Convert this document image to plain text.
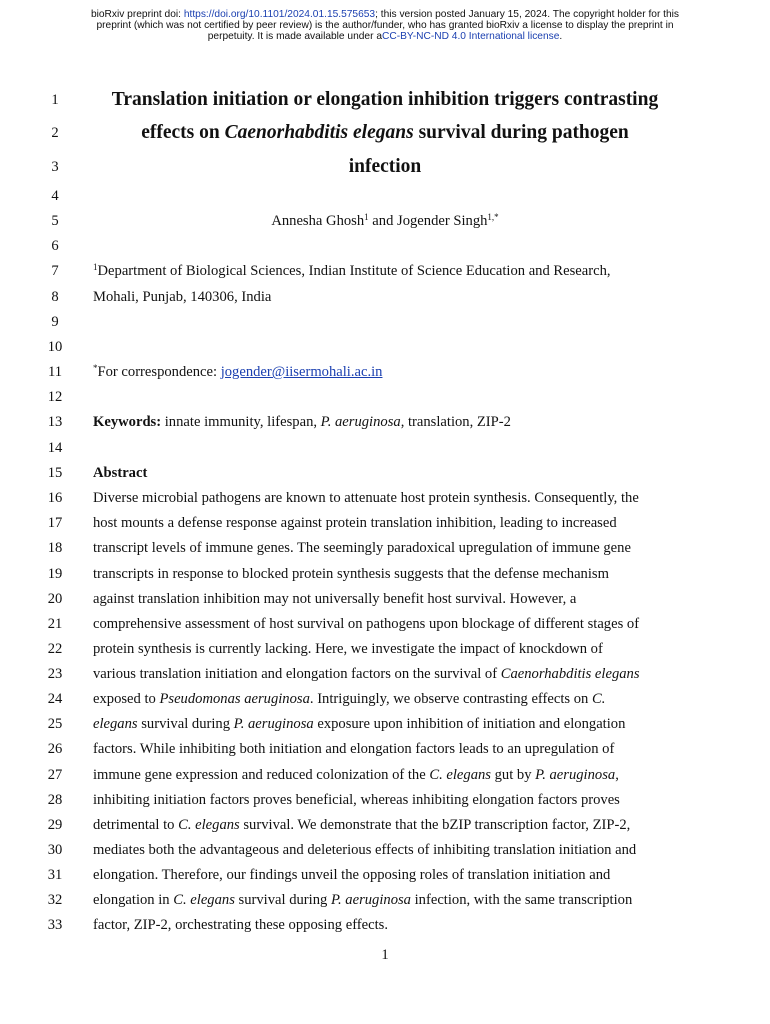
bioRxiv preprint doi: https://doi.org/10.1101/2024.01.15.575653; this version posted January 15, 2024. The copyright holder for this
preprint (which was not certified by peer review) is the author/funder, who has granted bioRxiv a license to display the preprint in
perpetuity. It is made available under aCC-BY-NC-ND 4.0 International license.
1
2
3
4
5
6
7
8
9
10
11
12
13
14
15
16
17
18
19
20
21
22
23
24
25
26
27
28
29
30
31
32
33
Translation initiation or elongation inhibition triggers contrasting
effects on Caenorhabditis elegans survival during pathogen
infection
Annesha Ghosh$^1$ and Jogender Singh$^{1,*}$
$^1$Department of Biological Sciences, Indian Institute of Science Education and Research,
Mohali, Punjab, 140306, India
*For correspondence: jogender@iisermohali.ac.in
Keywords: innate immunity, lifespan, P. aeruginosa, translation, ZIP-2
Abstract
Diverse microbial pathogens are known to attenuate host protein synthesis. Consequently, the
host mounts a defense response against protein translation inhibition, leading to increased
transcript levels of immune genes. The seemingly paradoxical upregulation of immune gene
transcripts in response to blocked protein synthesis suggests that the defense mechanism
against translation inhibition may not universally benefit host survival. However, a
comprehensive assessment of host survival on pathogens upon blockage of different stages of
protein synthesis is currently lacking. Here, we investigate the impact of knockdown of
various translation initiation and elongation factors on the survival of Caenorhabditis elegans
exposed to Pseudomonas aeruginosa. Intriguingly, we observe contrasting effects on C.
elegans survival during P. aeruginosa exposure upon inhibition of initiation and elongation
factors. While inhibiting both initiation and elongation factors leads to an upregulation of
immune gene expression and reduced colonization of the C. elegans gut by P. aeruginosa,
inhibiting initiation factors proves beneficial, whereas inhibiting elongation factors proves
detrimental to C. elegans survival. We demonstrate that the bZIP transcription factor, ZIP-2,
mediates both the advantageous and deleterious effects of inhibiting translation initiation and
elongation. Therefore, our findings unveil the opposing roles of translation initiation and
elongation in C. elegans survival during P. aeruginosa infection, with the same transcription
factor, ZIP-2, orchestrating these opposing effects.
1
